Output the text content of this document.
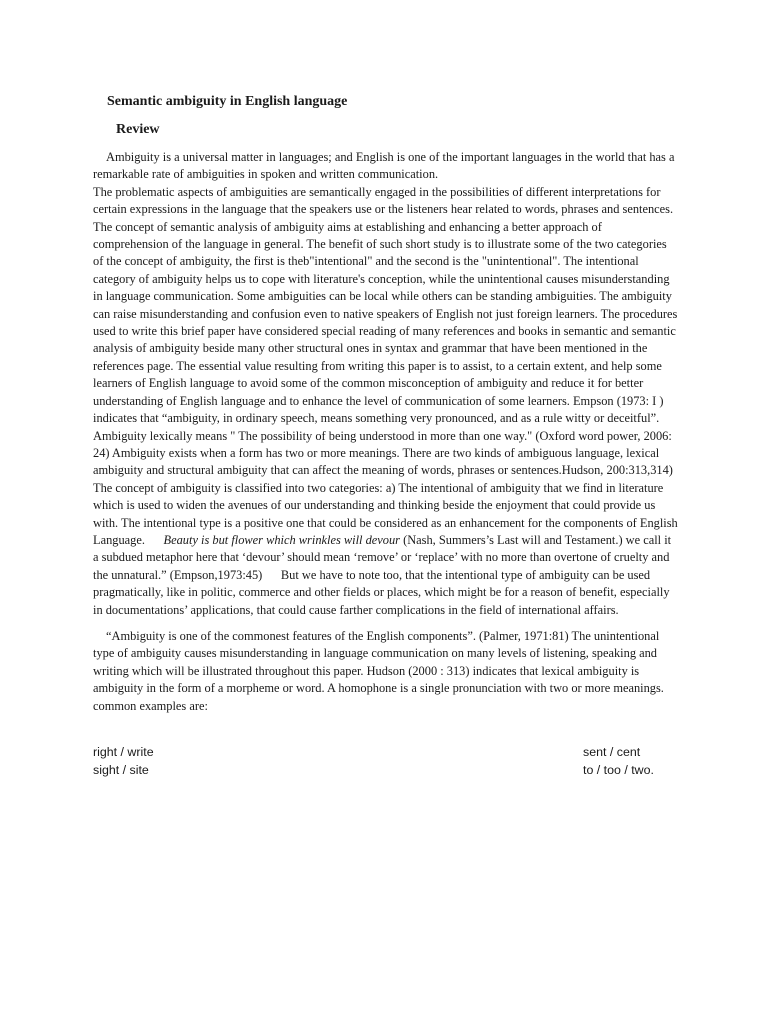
Semantic ambiguity in English language
Review
Ambiguity is a universal matter in languages; and English is one of the important languages in the world that has a remarkable rate of ambiguities in spoken and written communication.
The problematic aspects of ambiguities are semantically engaged in the possibilities of different interpretations for certain expressions in the language that the speakers use or the listeners hear related to words, phrases and sentences. The concept of semantic analysis of ambiguity aims at establishing and enhancing a better approach of comprehension of the language in general. The benefit of such short study is to illustrate some of the two categories of the concept of ambiguity, the first is theb"intentional" and the second is the "unintentional". The intentional category of ambiguity helps us to cope with literature's conception, while the unintentional causes misunderstanding in language communication. Some ambiguities can be local while others can be standing ambiguities. The ambiguity can raise misunderstanding and confusion even to native speakers of English not just foreign learners. The procedures used to write this brief paper have considered special reading of many references and books in semantic and semantic analysis of ambiguity beside many other structural ones in syntax and grammar that have been mentioned in the references page. The essential value resulting from writing this paper is to assist, to a certain extent, and help some learners of English language to avoid some of the common misconception of ambiguity and reduce it for better understanding of English language and to enhance the level of communication of some learners. Empson (1973: I ) indicates that “ambiguity, in ordinary speech, means something very pronounced, and as a rule witty or deceitful”. Ambiguity lexically means " The possibility of being understood in more than one way." (Oxford word power, 2006: 24) Ambiguity exists when a form has two or more meanings. There are two kinds of ambiguous language, lexical ambiguity and structural ambiguity that can affect the meaning of words, phrases or sentences.Hudson, 200:313,314) The concept of ambiguity is classified into two categories: a) The intentional of ambiguity that we find in literature which is used to widen the avenues of our understanding and thinking beside the enjoyment that could provide us with. The intentional type is a positive one that could be considered as an enhancement for the components of English Language. Beauty is but flower which wrinkles will devour (Nash, Summers’s Last will and Testament.) we call it a subdued metaphor here that ‘devour’ should mean ‘remove’ or ‘replace’ with no more than overtone of cruelty and the unnatural.” (Empson,1973:45) But we have to note too, that the intentional type of ambiguity can be used pragmatically, like in politic, commerce and other fields or places, which might be for a reason of benefit, especially in documentations’ applications, that could cause farther complications in the field of international affairs.
“Ambiguity is one of the commonest features of the English components”. (Palmer, 1971:81) The unintentional type of ambiguity causes misunderstanding in language communication on many levels of listening, speaking and writing which will be illustrated throughout this paper. Hudson (2000 : 313) indicates that lexical ambiguity is ambiguity in the form of a morpheme or word. A homophone is a single pronunciation with two or more meanings. common examples are:
right / write	sent / cent
sight / site	to / too / two.
